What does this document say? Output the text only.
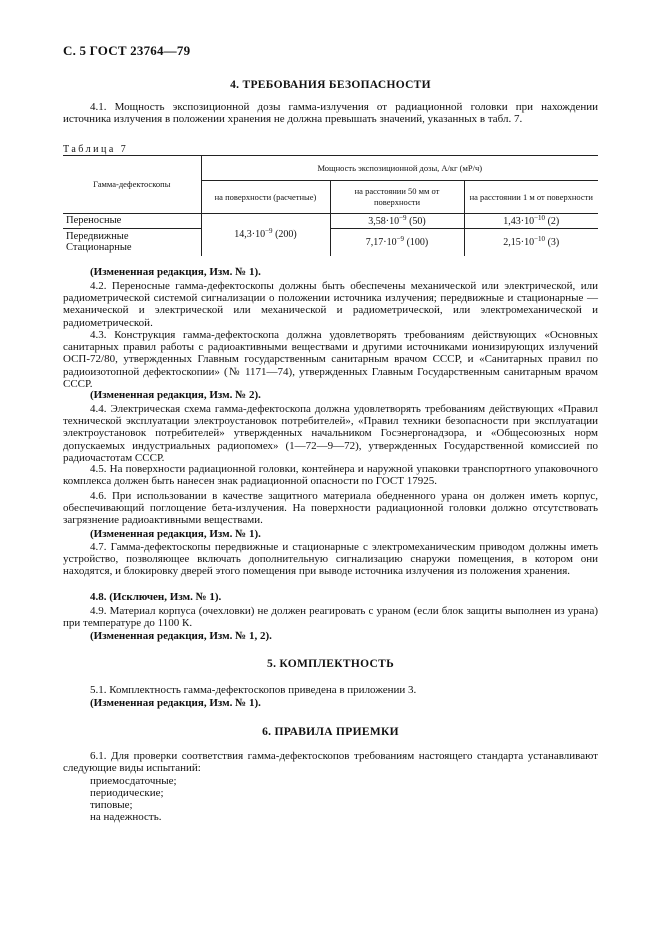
С. 5 ГОСТ 23764—79
4. ТРЕБОВАНИЯ БЕЗОПАСНОСТИ
4.1. Мощность экспозиционной дозы гамма-излучения от радиационной головки при нахождении источника излучения в положении хранения не должна превышать значений, указанных в табл. 7.
Таблица 7
Гамма-дефектоскопы	Мощность экспозиционной дозы, А/кг (мР/ч)		
	на поверхности (расчетные)	на расстоянии 50 мм от поверхности	на расстоянии 1 м от поверхности
Переносные	$14,3\cdot 10^{-9}$ (200)	$3,58\cdot 10^{-9}$ (50)	$1,43\cdot 10^{-10}$ (2)

Передвижные
Стационарные		$7,17\cdot 10^{-9}$ (100)	$2,15\cdot 10^{-10}$ (3)
(Измененная редакция, Изм. № 1).
4.2. Переносные гамма-дефектоскопы должны быть обеспечены механической или электрической, или радиометрической системой сигнализации о положении источника излучения; передвижные и стационарные — механической и электрической или механической и радиометрической, или электромеханической и радиометрической.
4.3. Конструкция гамма-дефектоскопа должна удовлетворять требованиям действующих «Основных санитарных правил работы с радиоактивными веществами и другими источниками ионизирующих излучений ОСП-72/80, утвержденных Главным государственным санитарным врачом СССР, и «Санитарных правил по радиоизотопной дефектоскопии» (№ 1171—74), утвержденных Главным Государственным санитарным врачом СССР.
(Измененная редакция, Изм. № 2).
4.4. Электрическая схема гамма-дефектоскопа должна удовлетворять требованиям действующих «Правил технической эксплуатации электроустановок потребителей», «Правил техники безопасности при эксплуатации электроустановок потребителей» утвержденных начальником Госэнергонадзора, и «Общесоюзных норм допускаемых индустриальных радиопомех» (1—72—9—72), утвержденных Государственной комиссией по радиочастотам СССР.
4.5. На поверхности радиационной головки, контейнера и наружной упаковки транспортного упаковочного комплекса должен быть нанесен знак радиационной опасности по ГОСТ 17925.
4.6. При использовании в качестве защитного материала обедненного урана он должен иметь корпус, обеспечивающий поглощение бета-излучения. На поверхности радиационной головки должно отсутствовать загрязнение радиоактивными веществами.
(Измененная редакция, Изм. № 1).
4.7. Гамма-дефектоскопы передвижные и стационарные с электромеханическим приводом должны иметь устройство, позволяющее включать дополнительную сигнализацию снаружи помещения, в котором они находятся, и блокировку дверей этого помещения при выводе источника излучения из положения хранения.
4.8. (Исключен, Изм. № 1).
4.9. Материал корпуса (очехловки) не должен реагировать с ураном (если блок защиты выполнен из урана) при температуре до 1100 К.
(Измененная редакция, Изм. № 1, 2).
5. КОМПЛЕКТНОСТЬ
5.1. Комплектность гамма-дефектоскопов приведена в приложении 3.
(Измененная редакция, Изм. № 1).
6. ПРАВИЛА ПРИЕМКИ
6.1. Для проверки соответствия гамма-дефектоскопов требованиям настоящего стандарта устанавливают следующие виды испытаний:
приемосдаточные;
периодические;
типовые;
на надежность.
